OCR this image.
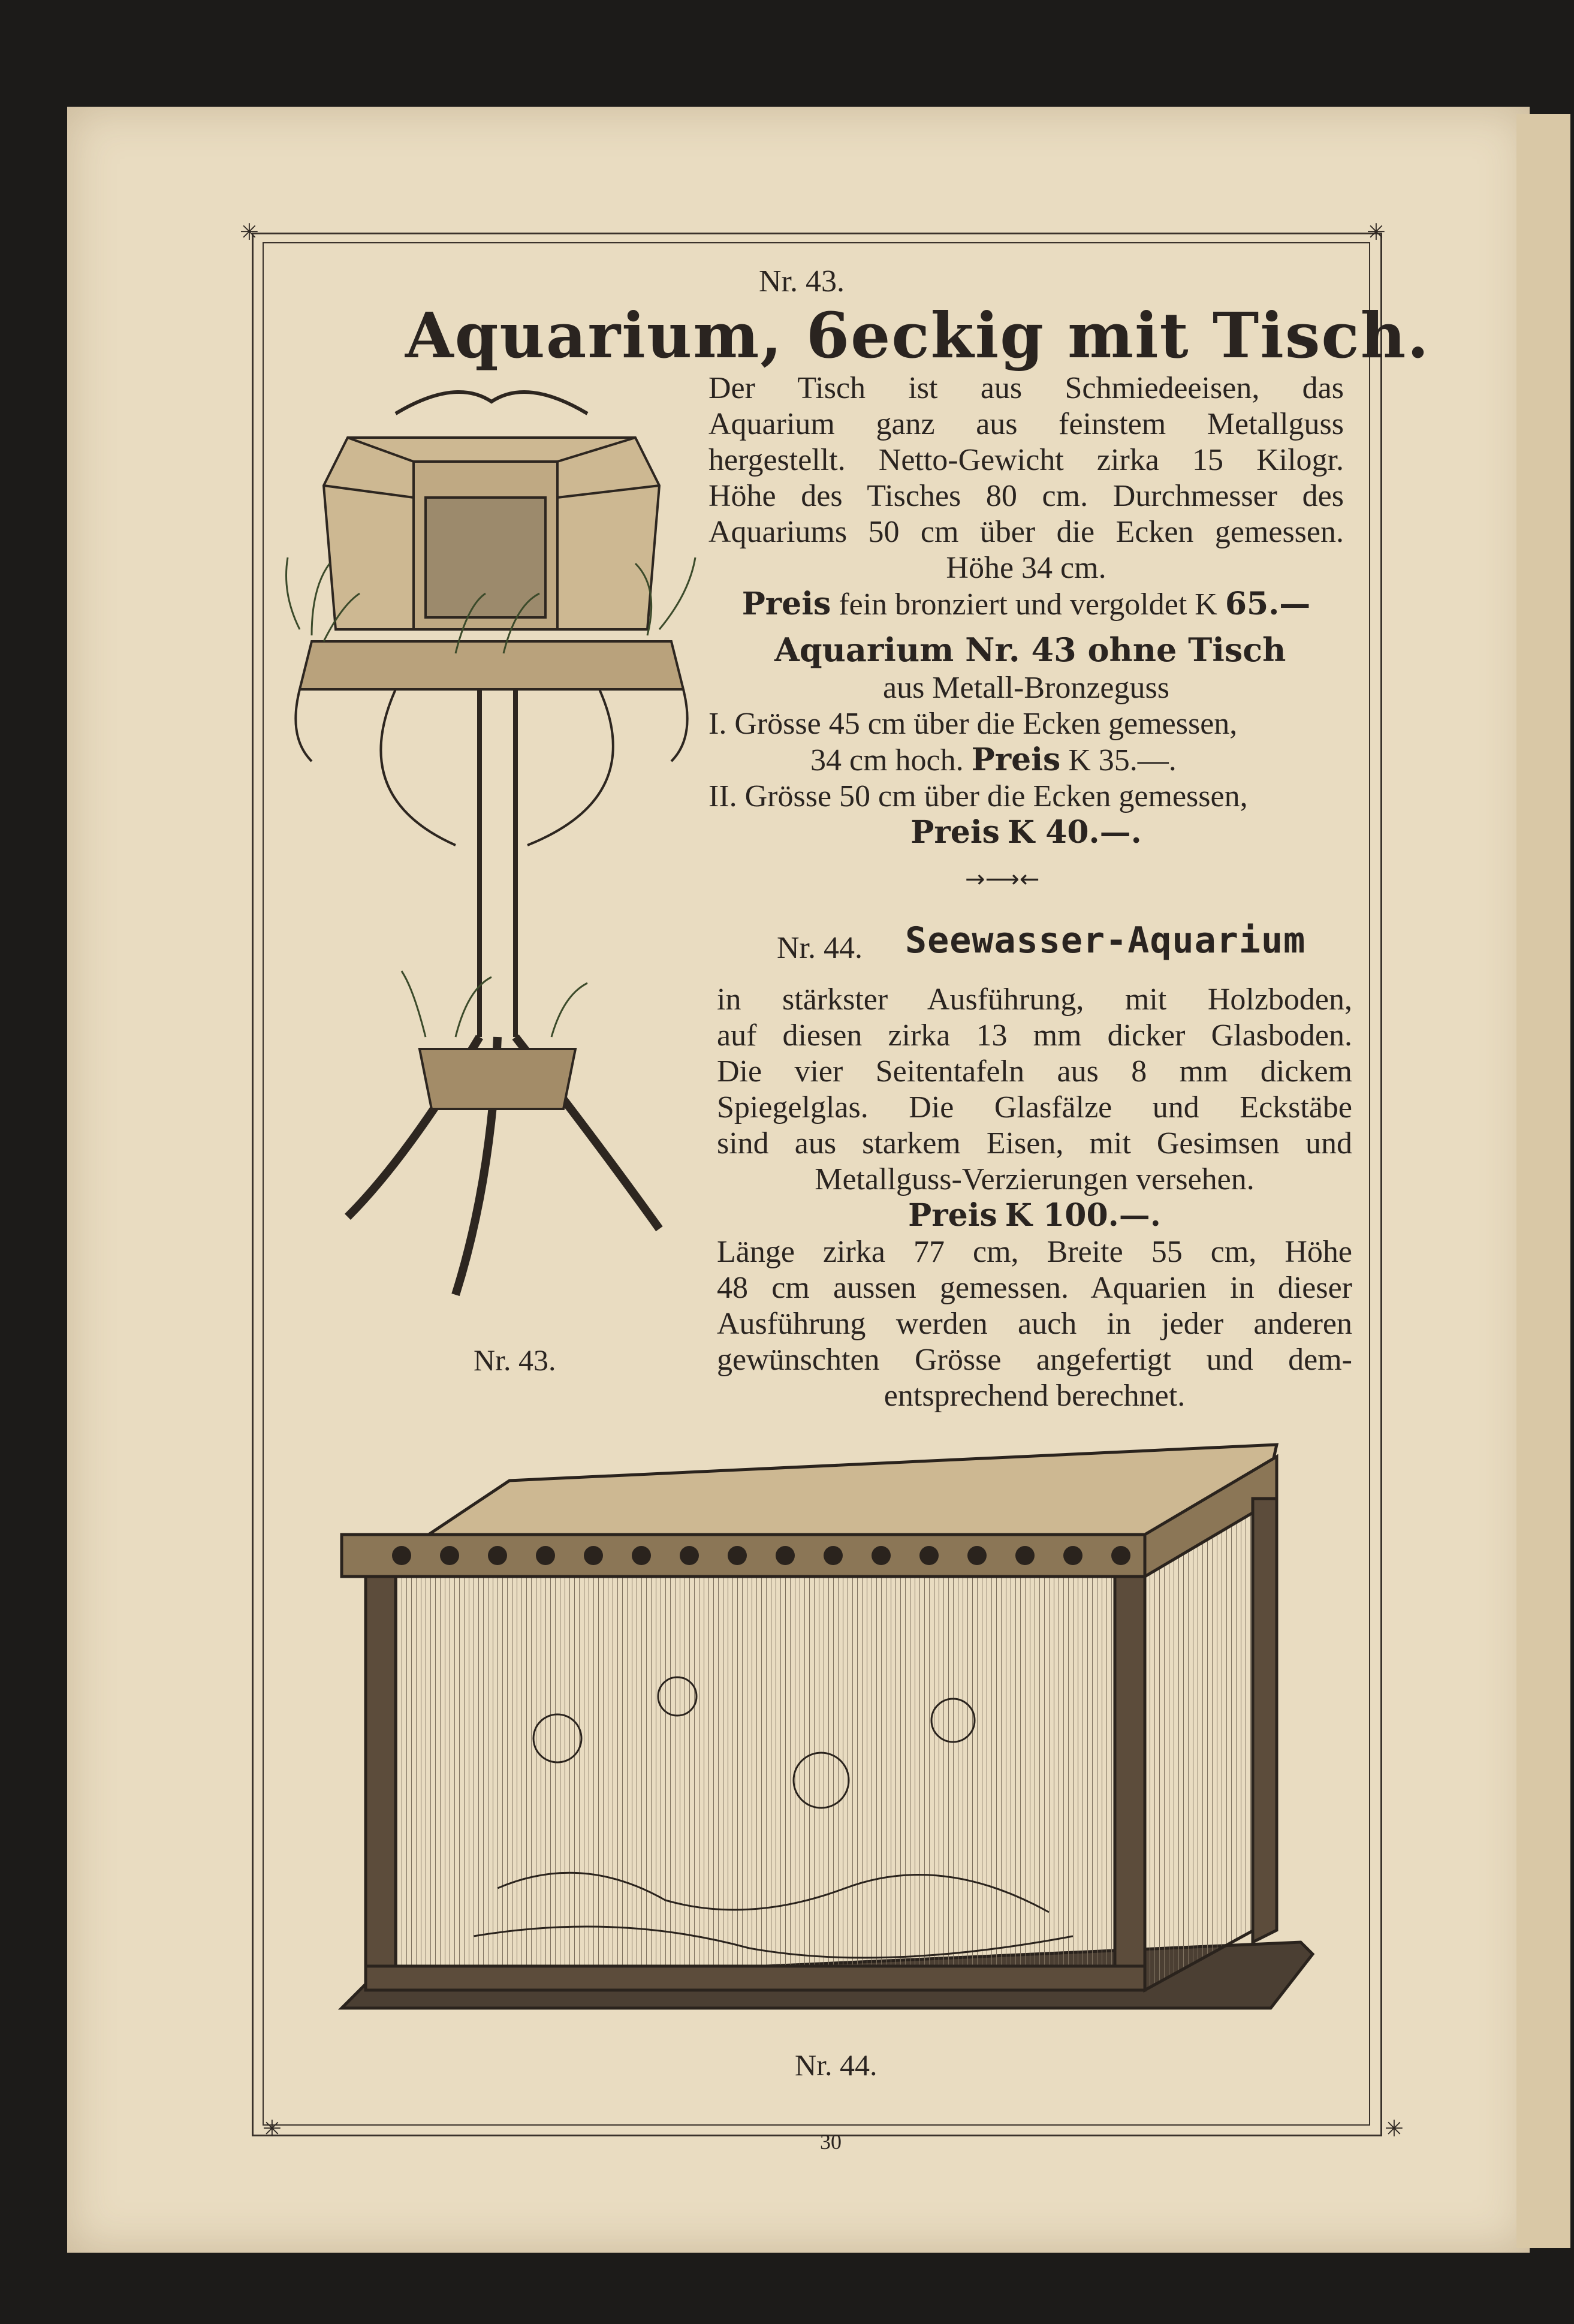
✳	✳
✳	✳
Nr. 43.
Aquarium, 6eckig mit Tisch.
Nr. 43.
Der Tisch ist aus Schmiedeeisen, das
Aquarium ganz aus feinstem Metallguss
hergestellt. Netto-Gewicht zirka 15 Kilogr.
Höhe des Tisches 80 cm. Durchmesser des
Aquariums 50 cm über die Ecken gemessen.
Höhe 34 cm.
Preis fein bronziert und vergoldet K 65.—
Aquarium Nr. 43 ohne Tisch
aus Metall-Bronzeguss
I. Grösse 45 cm über die Ecken gemessen,
34 cm hoch. Preis K 35.—.
II. Grösse 50 cm über die Ecken gemessen,
Preis K 40.—.
→⟶←
Nr. 44. Seewasser-Aquarium
in stärkster Ausführung, mit Holzboden,
auf diesen zirka 13 mm dicker Glasboden.
Die vier Seitentafeln aus 8 mm dickem
Spiegelglas. Die Glasfälze und Eckstäbe
sind aus starkem Eisen, mit Gesimsen und
Metallguss-Verzierungen versehen.
Preis K 100.—.
Länge zirka 77 cm, Breite 55 cm, Höhe
48 cm aussen gemessen. Aquarien in dieser
Ausführung werden auch in jeder anderen
gewünschten Grösse angefertigt und dem-
entsprechend berechnet.
Nr. 44.
30
